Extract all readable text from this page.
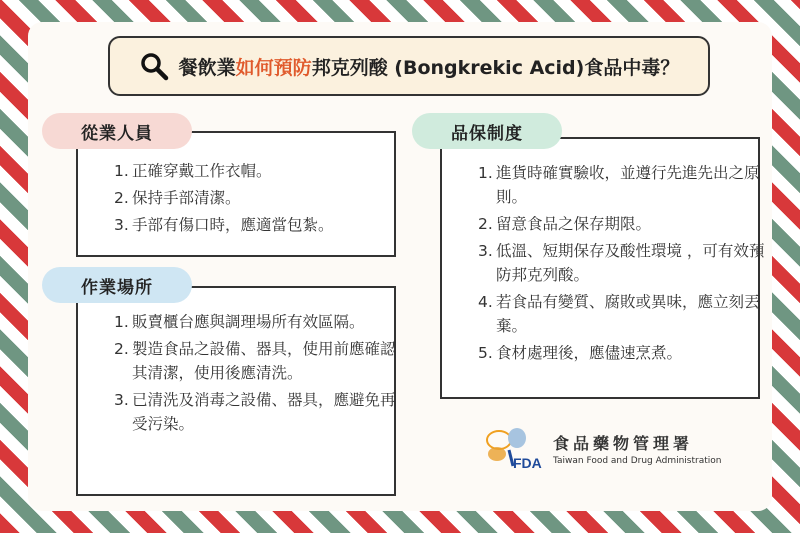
餐飲業如何預防邦克列酸 (Bongkrekic Acid)食品中毒？
正確穿戴工作衣帽。
保持手部清潔。
手部有傷口時，應適當包紮。
從業人員
販賣櫃台應與調理場所有效區隔。
製造食品之設備、器具，使用前應確認其清潔，使用後應清洗。
已清洗及消毒之設備、器具，應避免再受污染。
作業場所
進貨時確實驗收，並遵行先進先出之原則。
留意食品之保存期限。
低溫、短期保存及酸性環境 ，可有效預防邦克列酸。
若食品有變質、腐敗或異味，應立刻丟棄。
食材處理後，應儘速烹煮。
品保制度
FDA
食品藥物管理署
Taiwan Food and Drug Administration
